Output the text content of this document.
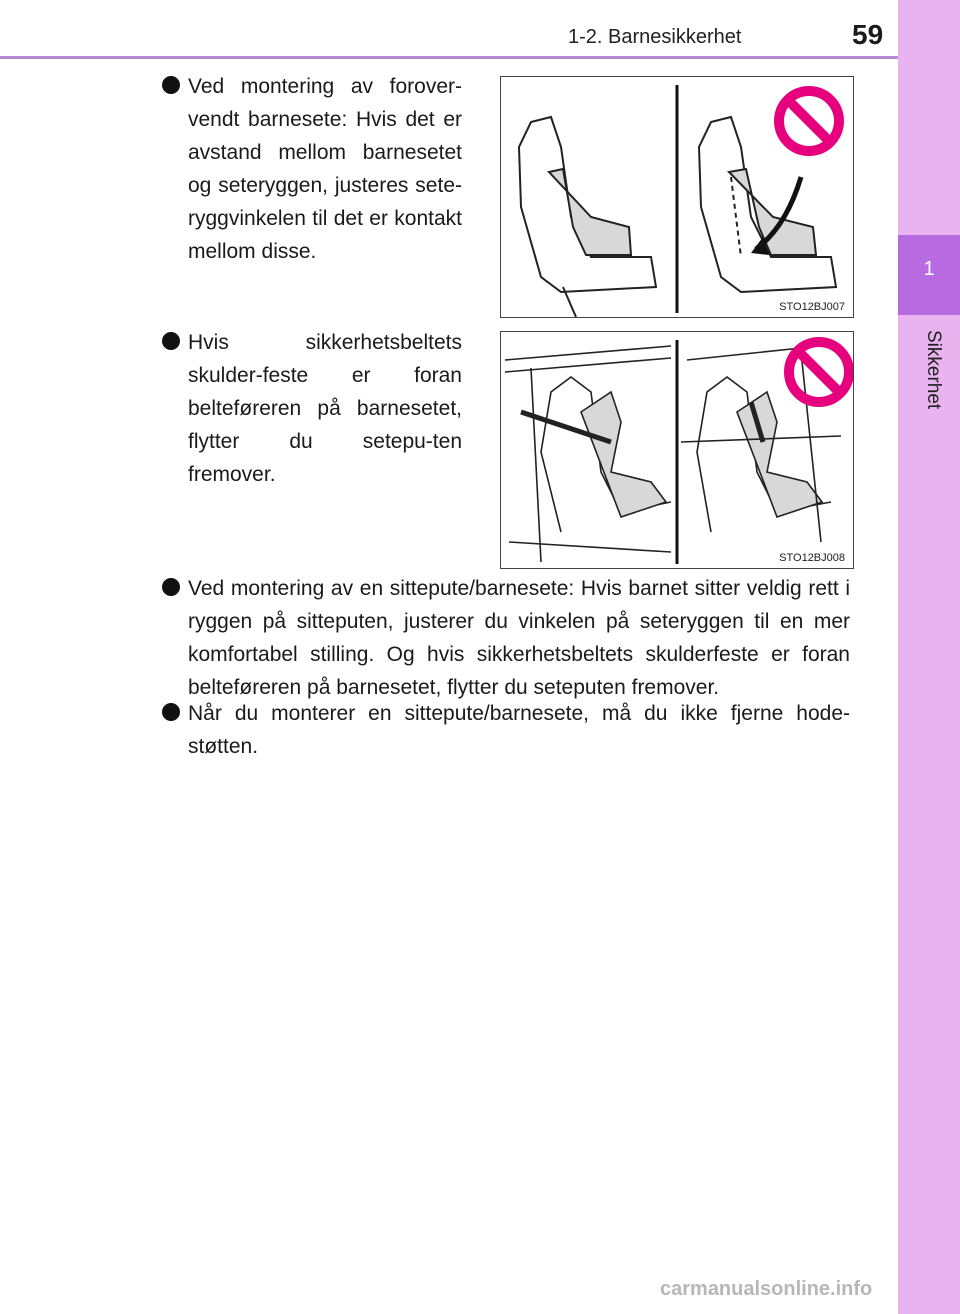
1-2. Barnesikkerhet	59
1
Sikkerhet
Ved montering av forover-vendt barnesete: Hvis det er avstand mellom barnesetet og seteryggen, justeres sete-ryggvinkelen til det er kontakt mellom disse.
STO12BJ007
Hvis sikkerhetsbeltets skulder-feste er foran belteføreren på barnesetet, flytter du setepu-ten fremover.
STO12BJ008
Ved montering av en sittepute/barnesete: Hvis barnet sitter veldig rett i ryggen på sitteputen, justerer du vinkelen på seteryggen til en mer komfortabel stilling. Og hvis sikkerhetsbeltets skulderfeste er foran belteføreren på barnesetet, flytter du seteputen fremover.
Når du monterer en sittepute/barnesete, må du ikke fjerne hode-støtten.
carmanualsonline.info
